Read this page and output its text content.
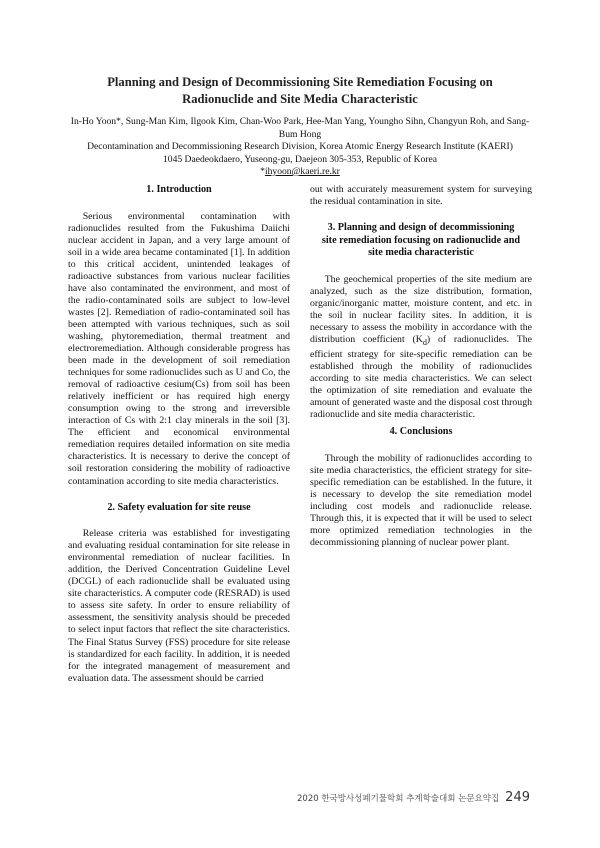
Planning and Design of Decommissioning Site Remediation Focusing on
Radionuclide and Site Media Characteristic
In-Ho Yoon*, Sung-Man Kim, Ilgook Kim, Chan-Woo Park, Hee-Man Yang, Youngho Sihn, Changyun Roh, and Sang-Bum Hong
Decontamination and Decommissioning Research Division, Korea Atomic Energy Research Institute (KAERI)
1045 Daedeokdaero, Yuseong-gu, Daejeon 305-353, Republic of Korea
*ihyoon@kaeri.re.kr
1. Introduction

Serious environmental contamination with radionuclides resulted from the Fukushima Daiichi nuclear accident in Japan, and a very large amount of soil in a wide area became contaminated [1]. In addition to this critical accident, unintended leakages of radioactive substances from various nuclear facilities have also contaminated the environment, and most of the radio-contaminated soils are subject to low-level wastes [2]. Remediation of radio-contaminated soil has been attempted with various techniques, such as soil washing, phytoremediation, thermal treatment and electroremediation. Although considerable progress has been made in the development of soil remediation techniques for some radionuclides such as U and Co, the removal of radioactive cesium(Cs) from soil has been relatively inefficient or has required high energy consumption owing to the strong and irreversible interaction of Cs with 2:1 clay minerals in the soil [3]. The efficient and economical environmental remediation requires detailed information on site media characteristics. It is necessary to derive the concept of soil restoration considering the mobility of radioactive contamination according to site media characteristics.

2. Safety evaluation for site reuse

Release criteria was established for investigating and evaluating residual contamination for site release in environmental remediation of nuclear facilities. In addition, the Derived Concentration Guideline Level (DCGL) of each radionuclide shall be evaluated using site characteristics. A computer code (RESRAD) is used to assess site safety. In order to ensure reliability of assessment, the sensitivity analysis should be preceded to select input factors that reflect the site characteristics. The Final Status Survey (FSS) procedure for site release is standardized for each facility. In addition, it is needed for the integrated management of measurement and evaluation data. The assessment should be carried

out with accurately measurement system for surveying the residual contamination in site.

3. Planning and design of decommissioning
site remediation focusing on radionuclide and
site media characteristic

The geochemical properties of the site medium are analyzed, such as the size distribution, formation, organic/inorganic matter, moisture content, and etc. in the soil in nuclear facility sites. In addition, it is necessary to assess the mobility in accordance with the distribution coefficient $(K_d)$ of radionuclides. The efficient strategy for site-specific remediation can be established through the mobility of radionuclides according to site media characteristics. We can select the optimization of site remediation and evaluate the amount of generated waste and the disposal cost through radionuclide and site media characteristic.

4. Conclusions

Through the mobility of radionuclides according to site media characteristics, the efficient strategy for site-specific remediation can be established. In the future, it is necessary to develop the site remediation model including cost models and radionuclide release. Through this, it is expected that it will be used to select more optimized remediation technologies in the decommissioning planning of nuclear power plant.

2020 한국방사성폐기물학회 추계학술대회 논문요약집 249
